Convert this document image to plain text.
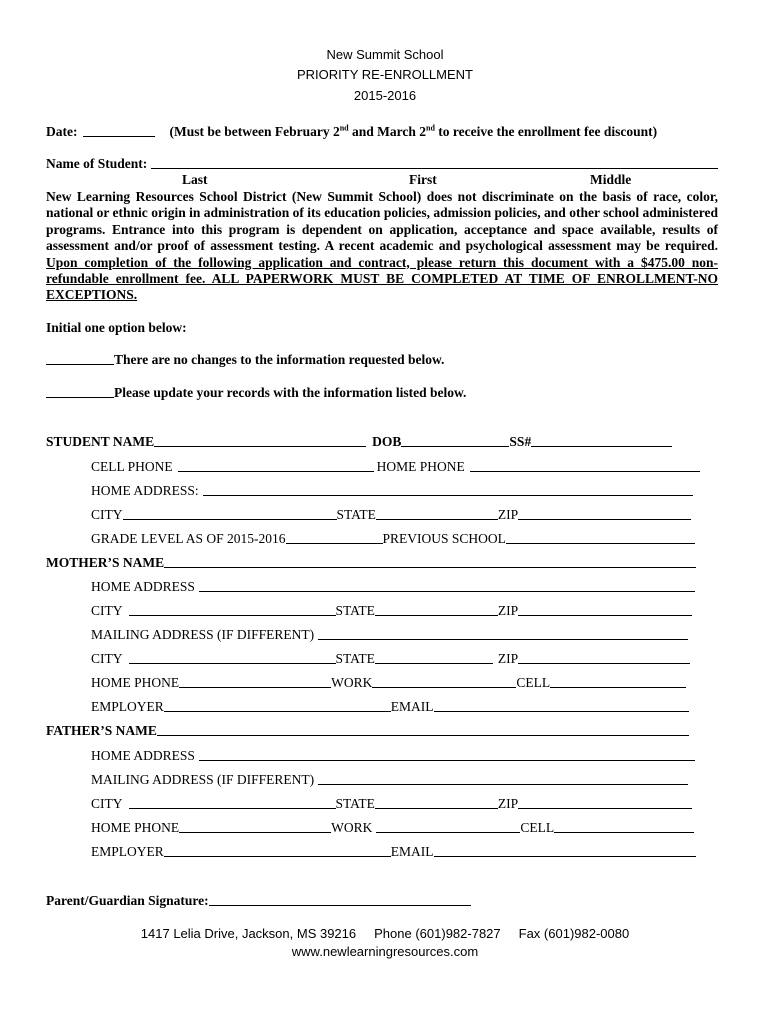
New Summit School
PRIORITY RE-ENROLLMENT
2015-2016
Date:	(Must be between February 2nd and March 2nd to receive the enrollment fee discount)
Name of Student:
Last	First	Middle
New Learning Resources School District (New Summit School) does not discriminate on the basis of race, color, national or ethnic origin in administration of its education policies, admission policies, and other school administered programs. Entrance into this program is dependent on application, acceptance and space available, results of assessment and/or proof of assessment testing. A recent academic and psychological assessment may be required. Upon completion of the following application and contract, please return this document with a $475.00 non-refundable enrollment fee. ALL PAPERWORK MUST BE COMPLETED AT TIME OF ENROLLMENT-NO EXCEPTIONS.
Initial one option below:
There are no changes to the information requested below.
Please update your records with the information listed below.
STUDENT NAME	DOB	SS#
CELL PHONE	HOME PHONE
HOME ADDRESS:
CITY	STATE	ZIP
GRADE LEVEL AS OF 2015-2016	PREVIOUS SCHOOL
MOTHER’S NAME
HOME ADDRESS
CITY	STATE	ZIP
MAILING ADDRESS (IF DIFFERENT)
CITY	STATE	ZIP
HOME PHONE	WORK	CELL
EMPLOYER	EMAIL
FATHER’S NAME
HOME ADDRESS
MAILING ADDRESS (IF DIFFERENT)
CITY	STATE	ZIP
HOME PHONE	WORK	CELL
EMPLOYER	EMAIL
Parent/Guardian Signature:
1417 Lelia Drive, Jackson, MS 39216 Phone (601)982-7827 Fax (601)982-0080
www.newlearningresources.com
